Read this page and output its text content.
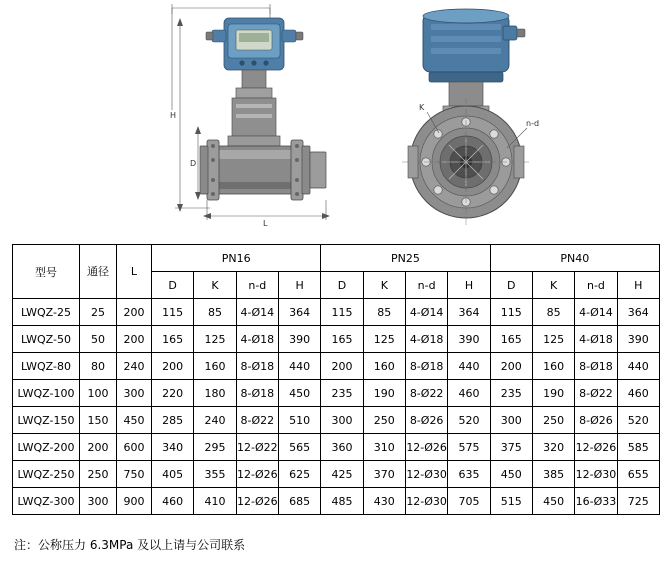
H
D
L
K
n-d
型号	通径	L	PN16				PN25				PN40			
			D	K	n-d	H	D	K	n-d	H	D	K	n-d	H
LWQZ-25	25	200	115	85	4-Ø14	364	115	85	4-Ø14	364	115	85	4-Ø14	364
LWQZ-50	50	200	165	125	4-Ø18	390	165	125	4-Ø18	390	165	125	4-Ø18	390
LWQZ-80	80	240	200	160	8-Ø18	440	200	160	8-Ø18	440	200	160	8-Ø18	440
LWQZ-100	100	300	220	180	8-Ø18	450	235	190	8-Ø22	460	235	190	8-Ø22	460
LWQZ-150	150	450	285	240	8-Ø22	510	300	250	8-Ø26	520	300	250	8-Ø26	520
LWQZ-200	200	600	340	295	12-Ø22	565	360	310	12-Ø26	575	375	320	12-Ø26	585
LWQZ-250	250	750	405	355	12-Ø26	625	425	370	12-Ø30	635	450	385	12-Ø30	655
LWQZ-300	300	900	460	410	12-Ø26	685	485	430	12-Ø30	705	515	450	16-Ø33	725
注：公称压力 6.3MPa 及以上请与公司联系
